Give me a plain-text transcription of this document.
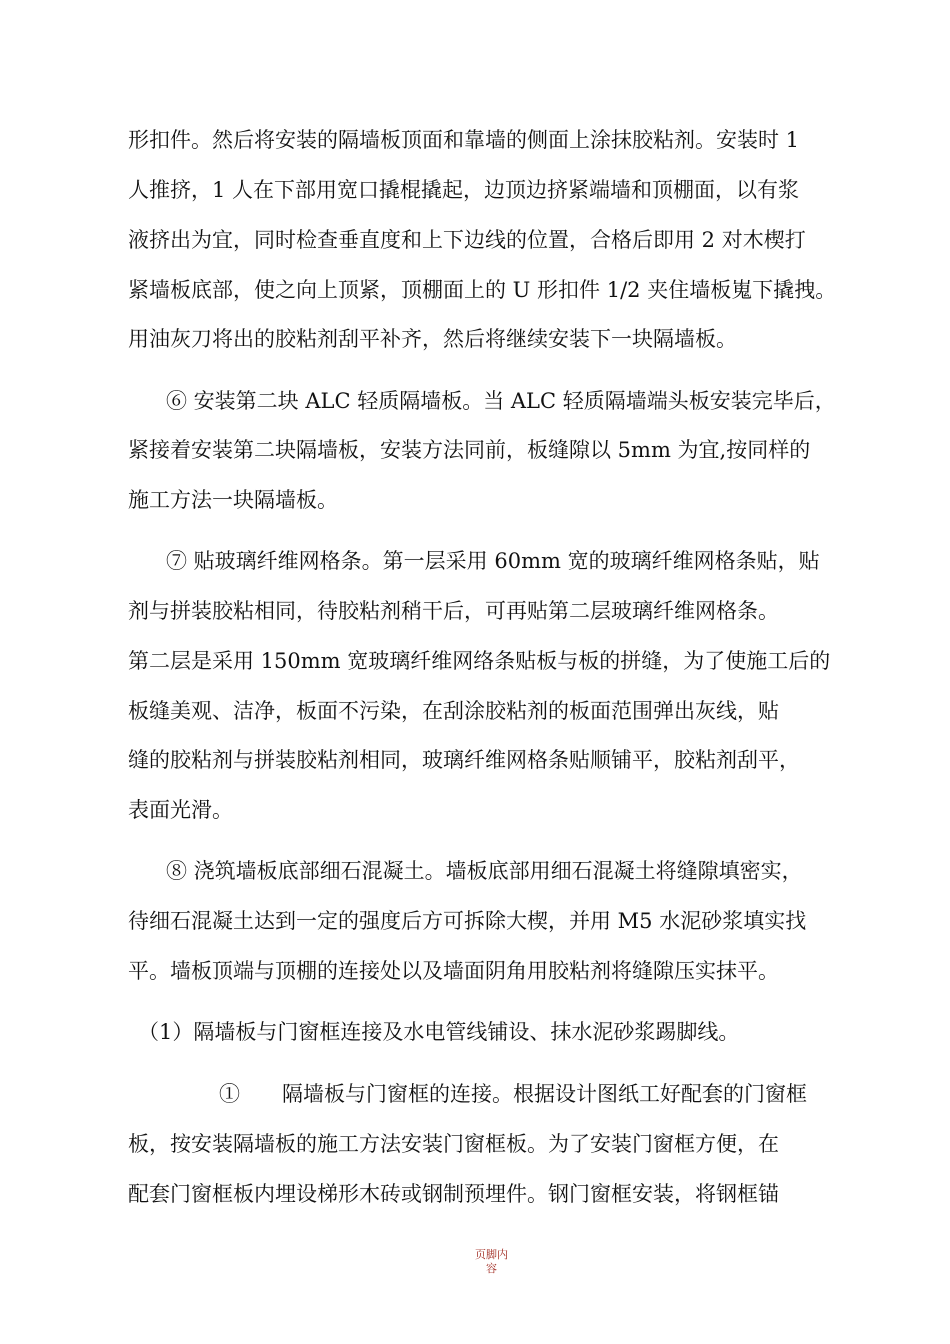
形扣件。然后将安装的隔墙板顶面和靠墙的侧面上涂抹胶粘剂。安装时 1
人推挤，1 人在下部用宽口撬棍撬起，边顶边挤紧端墙和顶棚面，以有浆
液挤出为宜，同时检查垂直度和上下边线的位置，合格后即用 2 对木楔打
紧墙板底部，使之向上顶紧，顶棚面上的 U 形扣件 1/2 夹住墙板嵬下撬拽。
用油灰刀将出的胶粘剂刮平补齐，然后将继续安装下一块隔墙板。
⑥ 安装第二块 ALC 轻质隔墙板。当 ALC 轻质隔墙端头板安装完毕后，
紧接着安装第二块隔墙板，安装方法同前，板缝隙以 5mm 为宜,按同样的
施工方法一块隔墙板。
⑦ 贴玻璃纤维网格条。第一层采用 60mm 宽的玻璃纤维网格条贴，贴
剂与拼装胶粘相同，待胶粘剂稍干后，可再贴第二层玻璃纤维网格条。
第二层是采用 150mm 宽玻璃纤维网络条贴板与板的拼缝，为了使施工后的
板缝美观、洁净，板面不污染，在刮涂胶粘剂的板面范围弹出灰线，贴
缝的胶粘剂与拼装胶粘剂相同，玻璃纤维网格条贴顺铺平，胶粘剂刮平，
表面光滑。
⑧ 浇筑墙板底部细石混凝土。墙板底部用细石混凝土将缝隙填密实，
待细石混凝土达到一定的强度后方可拆除大楔，并用 M5 水泥砂浆填实找
平。墙板顶端与顶棚的连接处以及墙面阴角用胶粘剂将缝隙压实抹平。
（1）隔墙板与门窗框连接及水电管线铺设、抹水泥砂浆踢脚线。
①　　隔墙板与门窗框的连接。根据设计图纸工好配套的门窗框
板，按安装隔墙板的施工方法安装门窗框板。为了安装门窗框方便，在
配套门窗框板内埋设梯形木砖或钢制预埋件。钢门窗框安装，将钢框锚
页脚内
容
